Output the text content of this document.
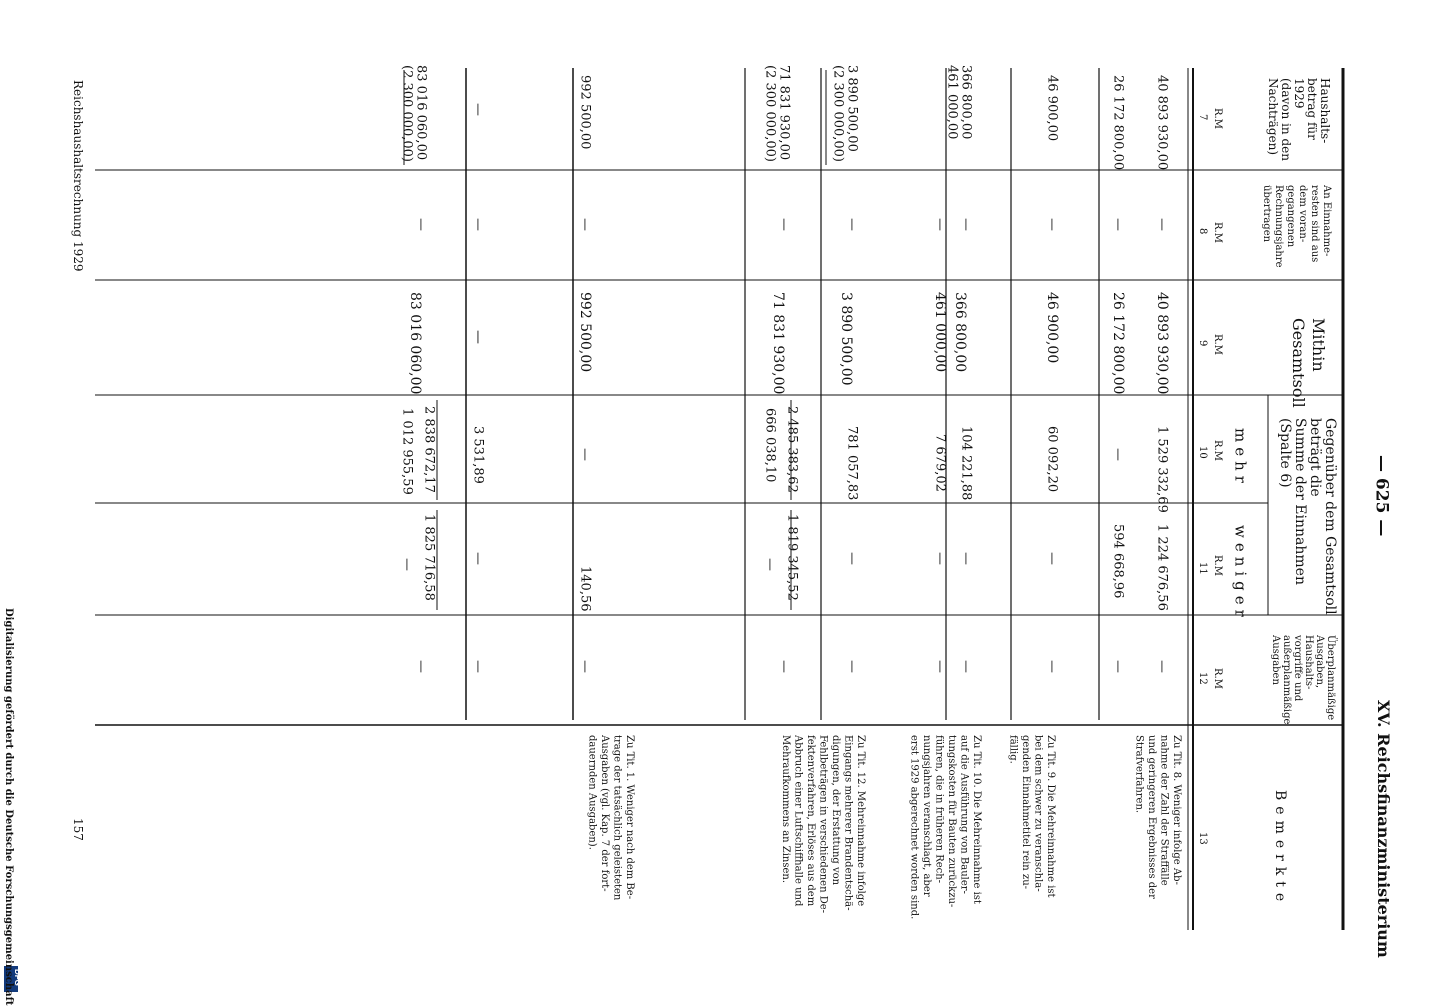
DFG
XV. Reichsfinanzministerium
— 625 —
Reichshaushaltsrechnung 1929
157
Digitalisierung gefördert durch die Deutsche Forschungsgemeinschaft
Haushalts-
betrag für
1929
(davon in den
Nachträgen)
An Einnahme-
resten sind aus
dem voran-
gegangenen
Rechnungsjahre
übertragen
Mithin
Gesamtsoll
Gegenüber dem Gesamtsoll
beträgt die
Summe der Einnahmen
(Spalte 6)
mehr
weniger
Überplanmäßige
Ausgaben,
Haushalts-
vorgriffe und
außerplanmäßige
Ausgaben
Bemerkte
R.M
R.M
R.M
R.M
R.M
R.M
7
8
9
10
11
12
13
40 893 930,00
—
40 893 930,00
1 529 332,69
1 224 676,56
—
26 172 800,00
—
26 172 800,00
—
594 668,96
—
46 900,00
—
46 900,00
60 092,20
—
—
366 800,00
461 000,00
—
—
366 800,00
461 000,00
104 221,88
7 679,02
—
—
—
—
3 890 500,00
(2 300 000,00)
—
3 890 500,00
781 057,83
—
—
71 831 930,00
(2 300 000,00)
—
71 831 930,00
2 485 383,62
1 819 345,52
666 038,10
—
—
992 500,00
—
992 500,00
—
140,56
—
—
—
—
3 531,89
—
—
83 016 060,00
(2 300 000,00)
—
83 016 060,00
2 838 672,17
1 825 716,58
1 012 955,59
—
—
Zu Tit. 8. Weniger infolge Ab-
nahme der Zahl der Straffälle
und geringeren Ergebnisses der
Strafverfahren.
Zu Tit. 9. Die Mehreinnahme ist
bei dem schwer zu veranschla-
genden Einnahmetitel rein zu-
fällig.
Zu Tit. 10. Die Mehreinnahme ist
auf die Ausführung von Bauler-
tungskosten für Bauten zurückzu-
führen, die in früheren Rech-
nungsjahren veranschlagt, aber
erst 1929 abgerechnet worden sind.
Zu Tit. 12. Mehreinnahme infolge
Eingangs mehrerer Brandentschä-
digungen, der Erstattung von
Fehlbeträgen in verschiedenen De-
fektenverfahren, Erlöses aus dem
Abbruch einer Luftschiffhalle und
Mehraufkommens an Zinsen.
Zu Tit. 1. Weniger nach dem Be-
trage der tatsächlich geleisteten
Ausgaben (vgl. Kap. 7 der fort-
dauernden Ausgaben).
